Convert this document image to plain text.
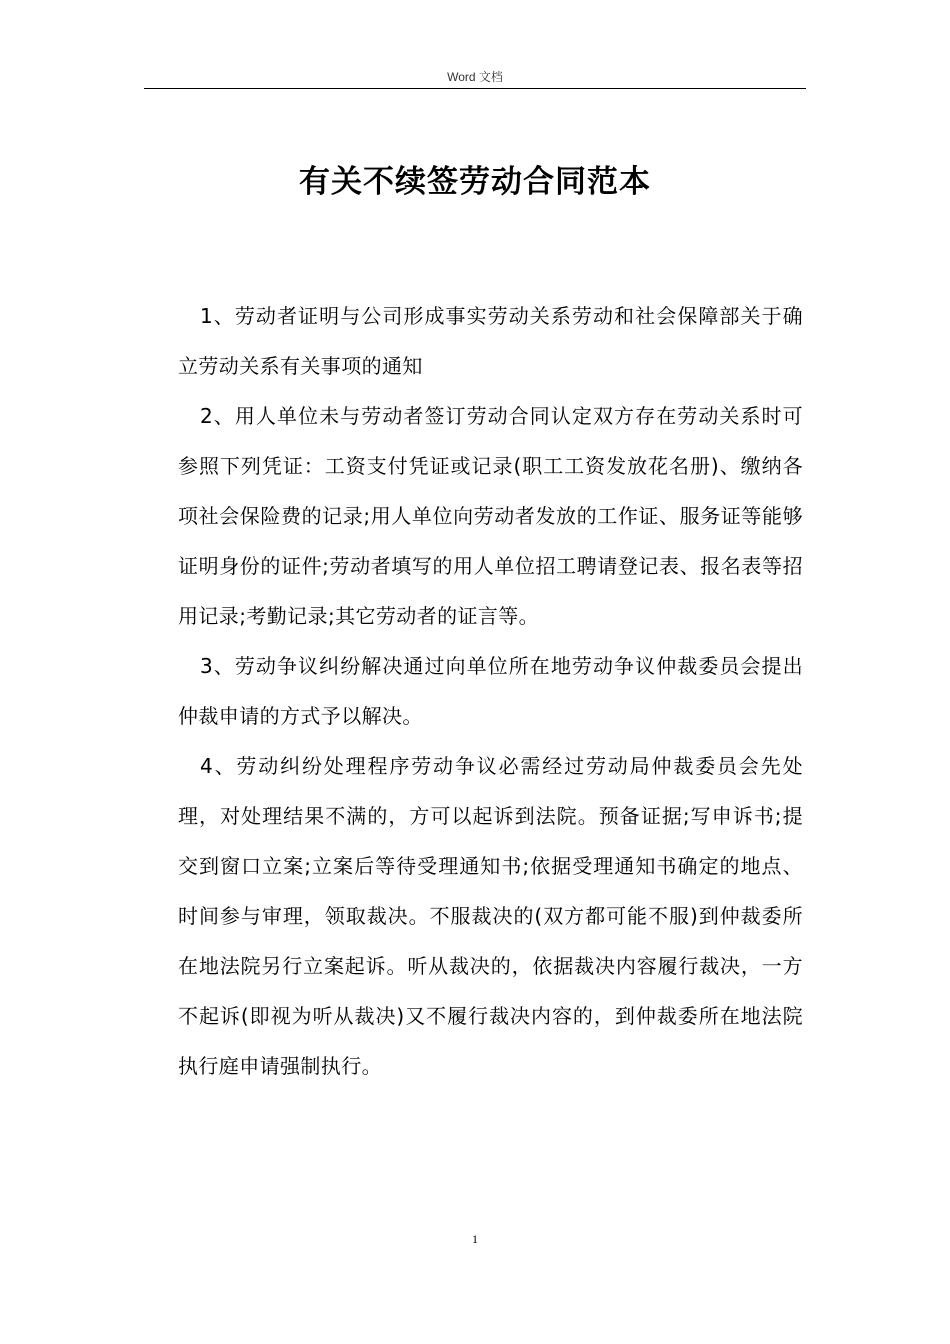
Word 文档
有关不续签劳动合同范本

1、劳动者证明与公司形成事实劳动关系劳动和社会保障部关于确立劳动关系有关事项的通知

2、用人单位未与劳动者签订劳动合同认定双方存在劳动关系时可参照下列凭证：工资支付凭证或记录(职工工资发放花名册)、缴纳各项社会保险费的记录;用人单位向劳动者发放的工作证、服务证等能够证明身份的证件;劳动者填写的用人单位招工聘请登记表、报名表等招用记录;考勤记录;其它劳动者的证言等。

3、劳动争议纠纷解决通过向单位所在地劳动争议仲裁委员会提出仲裁申请的方式予以解决。

4、劳动纠纷处理程序劳动争议必需经过劳动局仲裁委员会先处理，对处理结果不满的，方可以起诉到法院。预备证据;写申诉书;提交到窗口立案;立案后等待受理通知书;依据受理通知书确定的地点、时间参与审理，领取裁决。不服裁决的(双方都可能不服)到仲裁委所在地法院另行立案起诉。听从裁决的，依据裁决内容履行裁决，一方不起诉(即视为听从裁决)又不履行裁决内容的，到仲裁委所在地法院执行庭申请强制执行。

1
